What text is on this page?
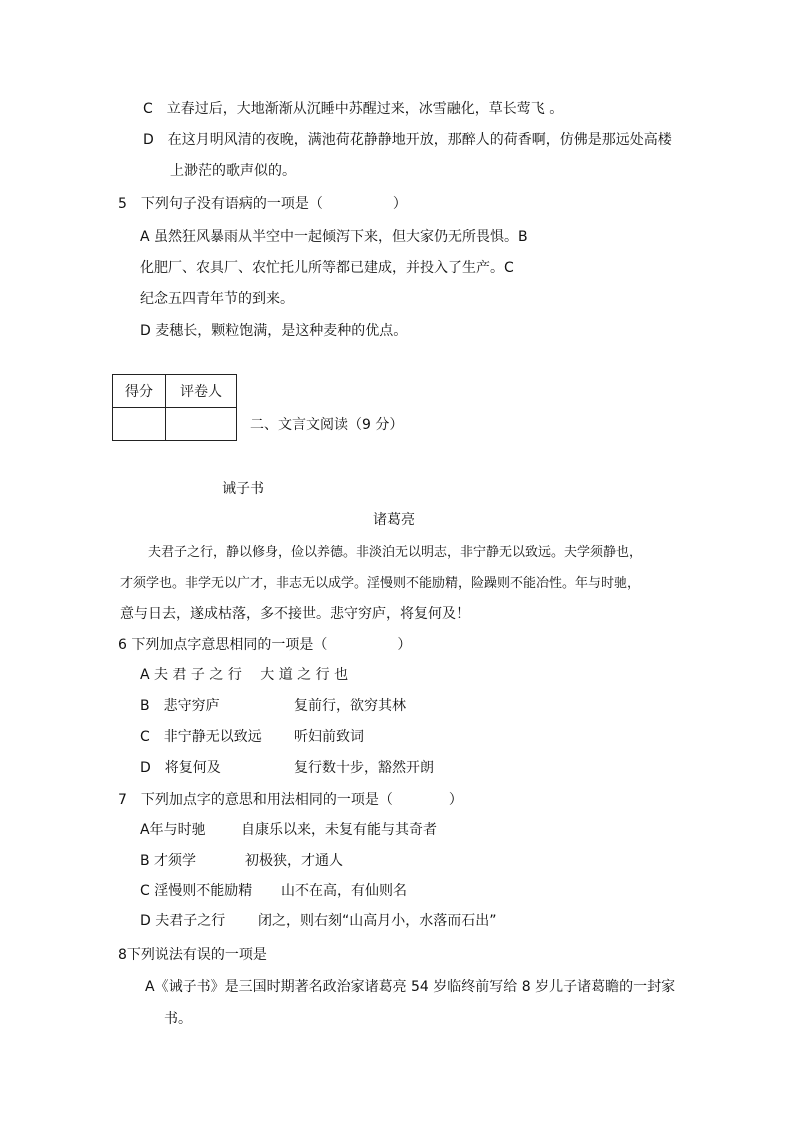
C　立春过后，大地渐渐从沉睡中苏醒过来，冰雪融化，草长莺飞 。
D　在这月明风清的夜晚，满池荷花静静地开放，那醉人的荷香啊，仿佛是那远处高楼
上渺茫的歌声似的。
5　下列句子没有语病的一项是（　　　　　）
A 虽然狂风暴雨从半空中一起倾泻下来，但大家仍无所畏惧。B
化肥厂、农具厂、农忙托儿所等都已建成，并投入了生产。C
纪念五四青年节的到来。
D 麦穗长，颗粒饱满，是这种麦种的优点。
得分	评卷人

二、文言文阅读（9 分）
诫子书
诸葛亮
夫君子之行，静以修身，俭以养德。非淡泊无以明志，非宁静无以致远。夫学须静也，
才须学也。非学无以广才，非志无以成学。淫慢则不能励精，险躁则不能冶性。年与时驰，
意与日去，遂成枯落，多不接世。悲守穷庐，将复何及！
6 下列加点字意思相同的一项是（　　　　　）
A 夫 君 子 之 行　 大 道 之 行 也
B　悲守穷庐	复前行，欲穷其林
C　非宁静无以致远 听妇前致词
D　将复何及	复行数十步，豁然开朗
7　下列加点字的意思和用法相同的一项是（　　　　）
A年与时驰	自康乐以来，未复有能与其奇者
B 才须学	初极狭，才通人
C 淫慢则不能励精 山不在高，有仙则名
D 夫君子之行 闭之，则右刻“山高月小，水落而石出”
8下列说法有误的一项是
A《诫子书》是三国时期著名政治家诸葛亮 54 岁临终前写给 8 岁儿子诸葛瞻的一封家
书。
